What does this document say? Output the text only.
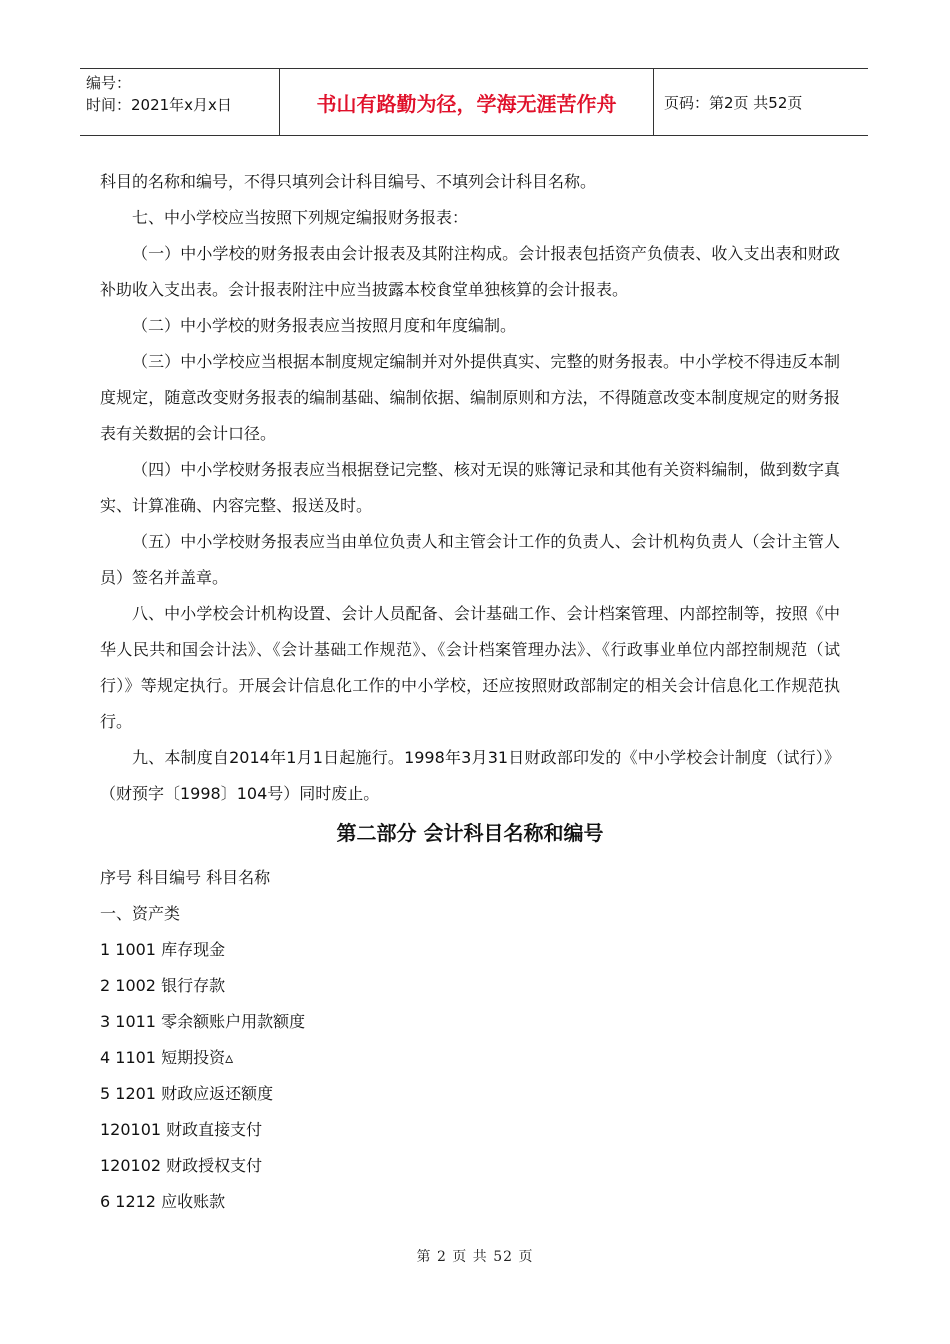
编号：
时间：2021年x月x日	书山有路勤为径，学海无涯苦作舟	页码：第2页 共52页

科目的名称和编号，不得只填列会计科目编号、不填列会计科目名称。

七、中小学校应当按照下列规定编报财务报表：

（一）中小学校的财务报表由会计报表及其附注构成。会计报表包括资产负债表、收入支出表和财政补助收入支出表。会计报表附注中应当披露本校食堂单独核算的会计报表。

（二）中小学校的财务报表应当按照月度和年度编制。

（三）中小学校应当根据本制度规定编制并对外提供真实、完整的财务报表。中小学校不得违反本制度规定，随意改变财务报表的编制基础、编制依据、编制原则和方法，不得随意改变本制度规定的财务报表有关数据的会计口径。

（四）中小学校财务报表应当根据登记完整、核对无误的账簿记录和其他有关资料编制，做到数字真实、计算准确、内容完整、报送及时。

（五）中小学校财务报表应当由单位负责人和主管会计工作的负责人、会计机构负责人（会计主管人员）签名并盖章。

八、中小学校会计机构设置、会计人员配备、会计基础工作、会计档案管理、内部控制等，按照《中华人民共和国会计法》、《会计基础工作规范》、《会计档案管理办法》、《行政事业单位内部控制规范（试行）》等规定执行。开展会计信息化工作的中小学校，还应按照财政部制定的相关会计信息化工作规范执行。

九、本制度自2014年1月1日起施行。1998年3月31日财政部印发的《中小学校会计制度（试行）》（财预字〔1998〕104号）同时废止。

第二部分 会计科目名称和编号

序号 科目编号 科目名称

一、资产类

1 1001 库存现金

2 1002 银行存款

3 1011 零余额账户用款额度

4 1101 短期投资▵

5 1201 财政应返还额度

120101 财政直接支付

120102 财政授权支付

6 1212 应收账款

第 2 页 共 52 页
